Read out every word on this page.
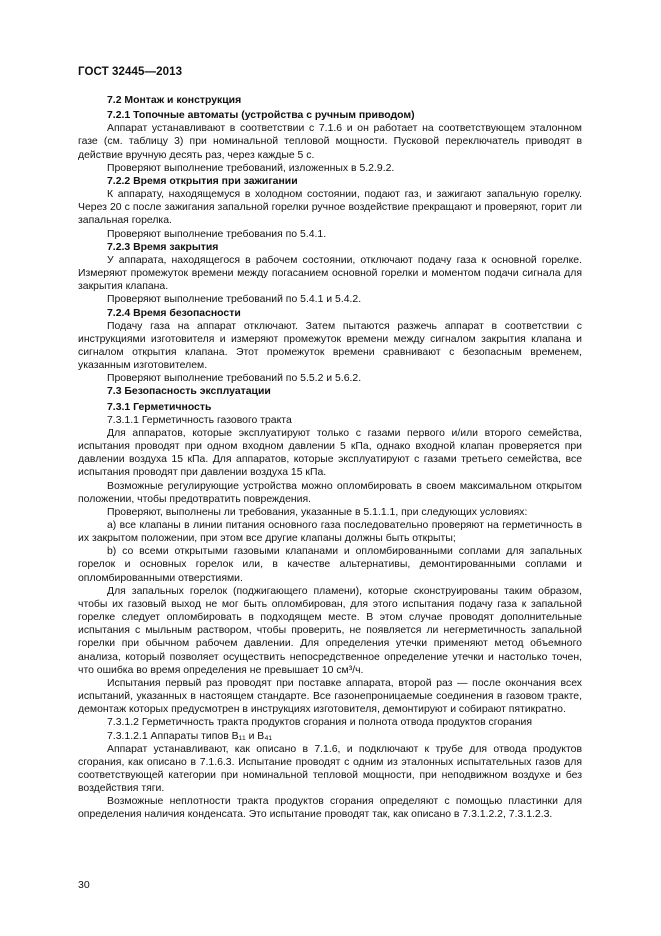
ГОСТ 32445—2013

7.2 Монтаж и конструкция

7.2.1 Топочные автоматы (устройства с ручным приводом)

Аппарат устанавливают в соответствии с 7.1.6 и он работает на соответствующем эталонном газе (см. таблицу 3) при номинальной тепловой мощности. Пусковой переключатель приводят в действие вручную десять раз, через каждые 5 с.

Проверяют выполнение требований, изложенных в 5.2.9.2.

7.2.2 Время открытия при зажигании

К аппарату, находящемуся в холодном состоянии, подают газ, и зажигают запальную горелку. Через 20 с после зажигания запальной горелки ручное воздействие прекращают и проверяют, горит ли запальная горелка.

Проверяют выполнение требования по 5.4.1.

7.2.3 Время закрытия

У аппарата, находящегося в рабочем состоянии, отключают подачу газа к основной горелке. Измеряют промежуток времени между погасанием основной горелки и моментом подачи сигнала для закрытия клапана.

Проверяют выполнение требований по 5.4.1 и 5.4.2.

7.2.4 Время безопасности

Подачу газа на аппарат отключают. Затем пытаются разжечь аппарат в соответствии с инструкциями изготовителя и измеряют промежуток времени между сигналом закрытия клапана и сигналом открытия клапана. Этот промежуток времени сравнивают с безопасным временем, указанным изготовителем.

Проверяют выполнение требований по 5.5.2 и 5.6.2.

7.3 Безопасность эксплуатации

7.3.1 Герметичность

7.3.1.1 Герметичность газового тракта

Для аппаратов, которые эксплуатируют только с газами первого и/или второго семейства, испытания проводят при одном входном давлении 5 кПа, однако входной клапан проверяется при давлении воздуха 15 кПа. Для аппаратов, которые эксплуатируют с газами третьего семейства, все испытания проводят при давлении воздуха 15 кПа.

Возможные регулирующие устройства можно опломбировать в своем максимальном открытом положении, чтобы предотвратить повреждения.

Проверяют, выполнены ли требования, указанные в 5.1.1.1, при следующих условиях:

а) все клапаны в линии питания основного газа последовательно проверяют на герметичность в их закрытом положении, при этом все другие клапаны должны быть открыты;

b) со всеми открытыми газовыми клапанами и опломбированными соплами для запальных горелок и основных горелок или, в качестве альтернативы, демонтированными соплами и опломбированными отверстиями.

Для запальных горелок (поджигающего пламени), которые сконструированы таким образом, чтобы их газовый выход не мог быть опломбирован, для этого испытания подачу газа к запальной горелке следует опломбировать в подходящем месте. В этом случае проводят дополнительные испытания с мыльным раствором, чтобы проверить, не появляется ли негерметичность запальной горелки при обычном рабочем давлении. Для определения утечки применяют метод объемного анализа, который позволяет осуществить непосредственное определение утечки и настолько точен, что ошибка во время определения не превышает 10 см³/ч.

Испытания первый раз проводят при поставке аппарата, второй раз — после окончания всех испытаний, указанных в настоящем стандарте. Все газонепроницаемые соединения в газовом тракте, демонтаж которых предусмотрен в инструкциях изготовителя, демонтируют и собирают пятикратно.

7.3.1.2 Герметичность тракта продуктов сгорания и полнота отвода продуктов сгорания

7.3.1.2.1 Аппараты типов B₁₁ и B₄₁

Аппарат устанавливают, как описано в 7.1.6, и подключают к трубе для отвода продуктов сгорания, как описано в 7.1.6.3. Испытание проводят с одним из эталонных испытательных газов для соответствующей категории при номинальной тепловой мощности, при неподвижном воздухе и без воздействия тяги.

Возможные неплотности тракта продуктов сгорания определяют с помощью пластинки для определения наличия конденсата. Это испытание проводят так, как описано в 7.3.1.2.2, 7.3.1.2.3.

30
